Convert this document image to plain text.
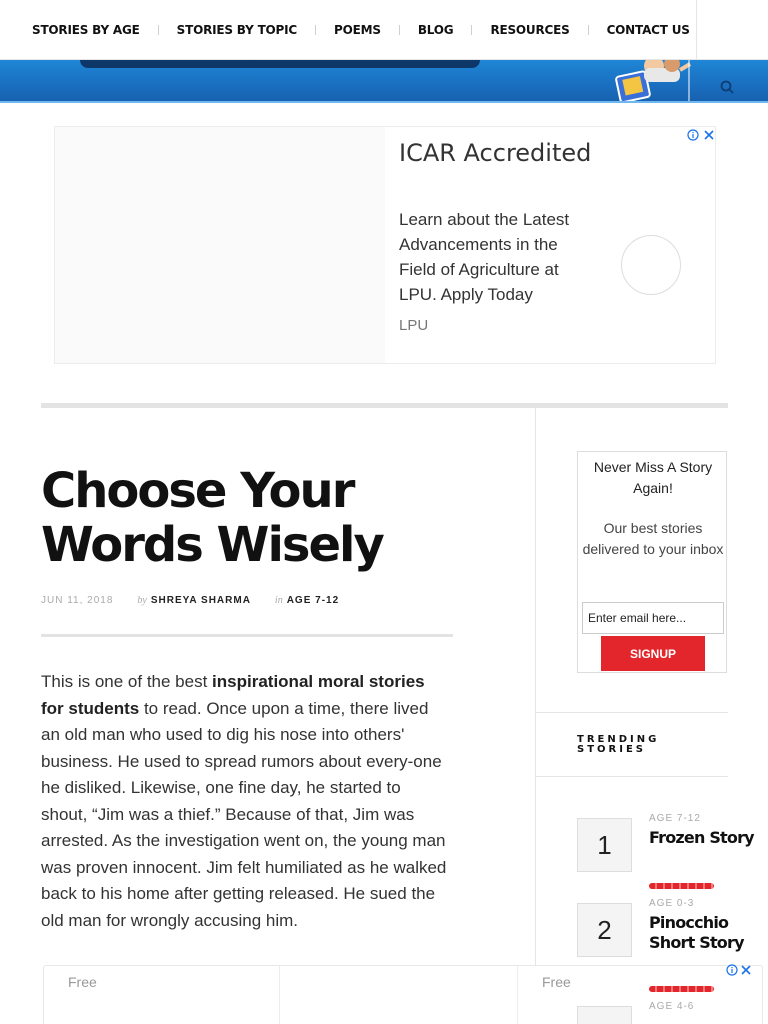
STORIES BY AGE	STORIES BY TOPIC	POEMS	BLOG	RESOURCES	CONTACT US
ICAR Accredited
Learn about the Latest Advancements in the Field of Agriculture at LPU. Apply Today
LPU
Choose Your Words Wisely
JUN 11, 2018 by SHREYA SHARMA in AGE 7-12

This is one of the best inspirational moral stories for students to read. Once upon a time, there lived an old man who used to dig his nose into others' business. He used to spread rumors about every-one he disliked. Likewise, one fine day, he started to shout, “Jim was a thief.” Because of that, Jim was arrested. As the investigation went on, the young man was proven innocent. Jim felt humiliated as he walked back to his home after getting released. He sued the old man for wrongly accusing him.

Free	Free
Never Miss A Story Again!
Our best stories delivered to your inbox
Enter email here...
SIGNUP
TRENDING STORIES
1
AGE 7-12
Frozen Story
2
AGE 0-3
Pinocchio Short Story
AGE 4-6
